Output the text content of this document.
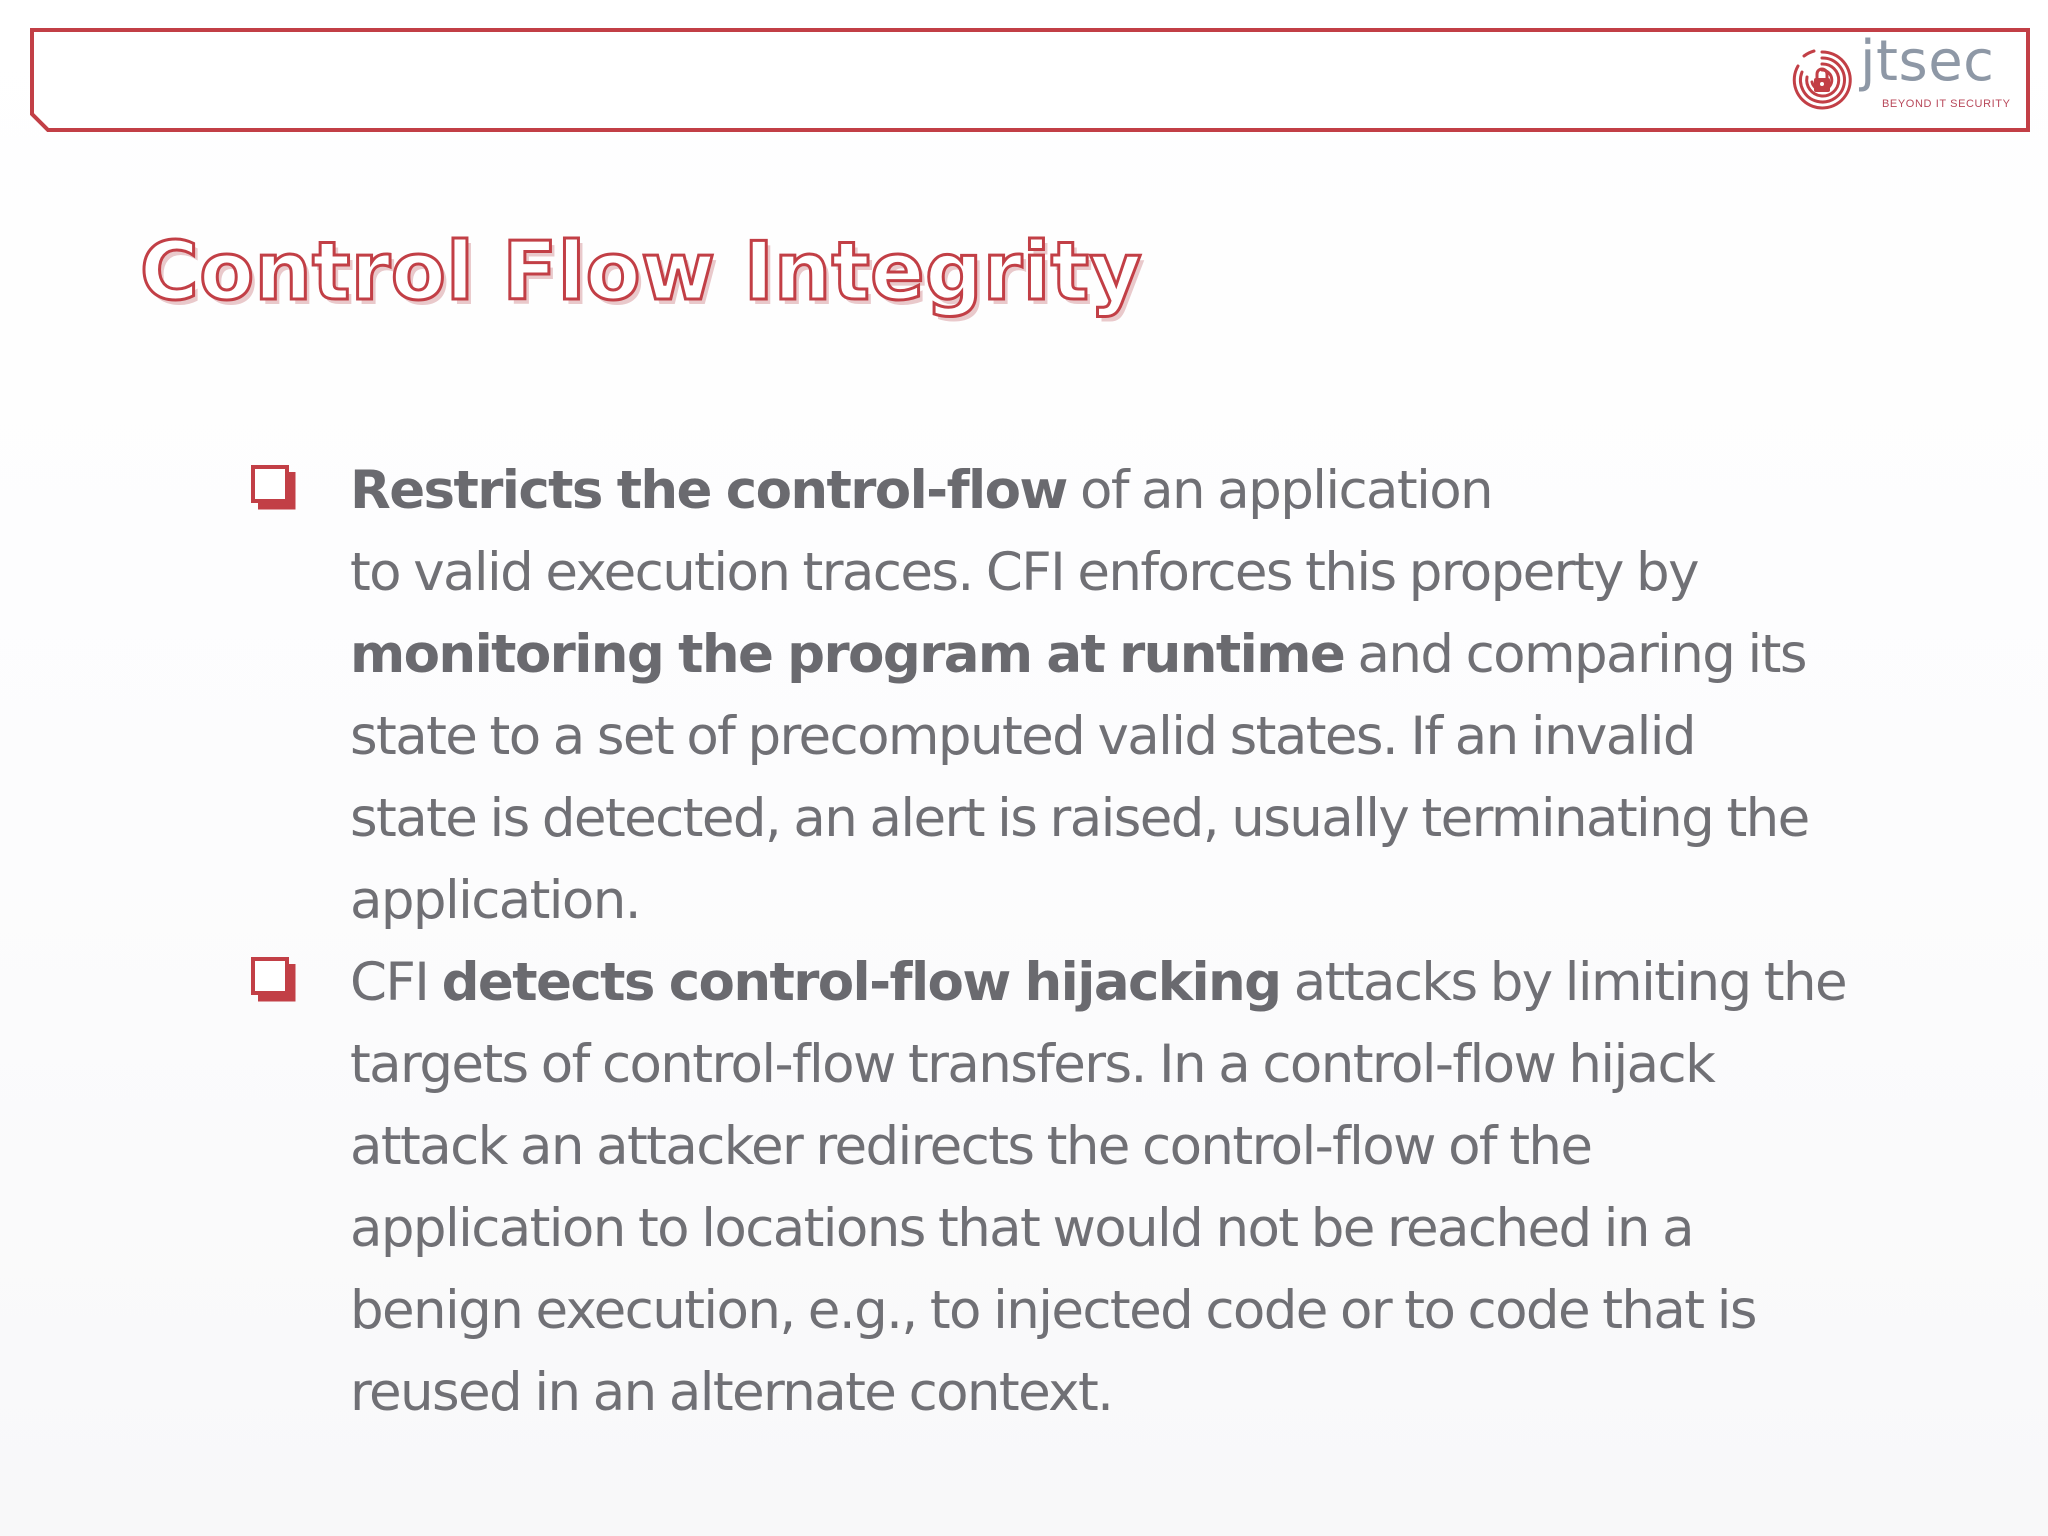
jtsec
BEYOND IT SECURITY
Control Flow Integrity
Restricts the control-flow of an application
to valid execution traces. CFI enforces this property by
monitoring the program at runtime and comparing its
state to a set of precomputed valid states. If an invalid
state is detected, an alert is raised, usually terminating the
application.
CFI detects control-flow hijacking attacks by limiting the
targets of control-flow transfers. In a control-flow hijack
attack an attacker redirects the control-flow of the
application to locations that would not be reached in a
benign execution, e.g., to injected code or to code that is
reused in an alternate context.
